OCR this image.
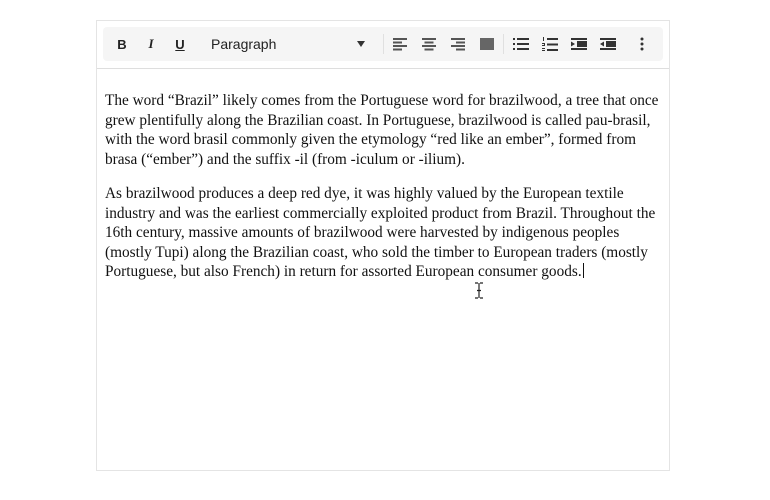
B	I	U	Paragraph

The word “Brazil” likely comes from the Portuguese word for brazilwood, a tree that once grew plentifully along the Brazilian coast. In Portuguese, brazilwood is called pau-brasil, with the word brasil commonly given the etymology “red like an ember”, formed from brasa (“ember”) and the suffix -il (from -iculum or -ilium).

As brazilwood produces a deep red dye, it was highly valued by the European textile industry and was the earliest commercially exploited product from Brazil. Throughout the 16th century, massive amounts of brazilwood were harvested by indigenous peoples (mostly Tupi) along the Brazilian coast, who sold the timber to European traders (mostly Portuguese, but also French) in return for assorted European consumer goods.
